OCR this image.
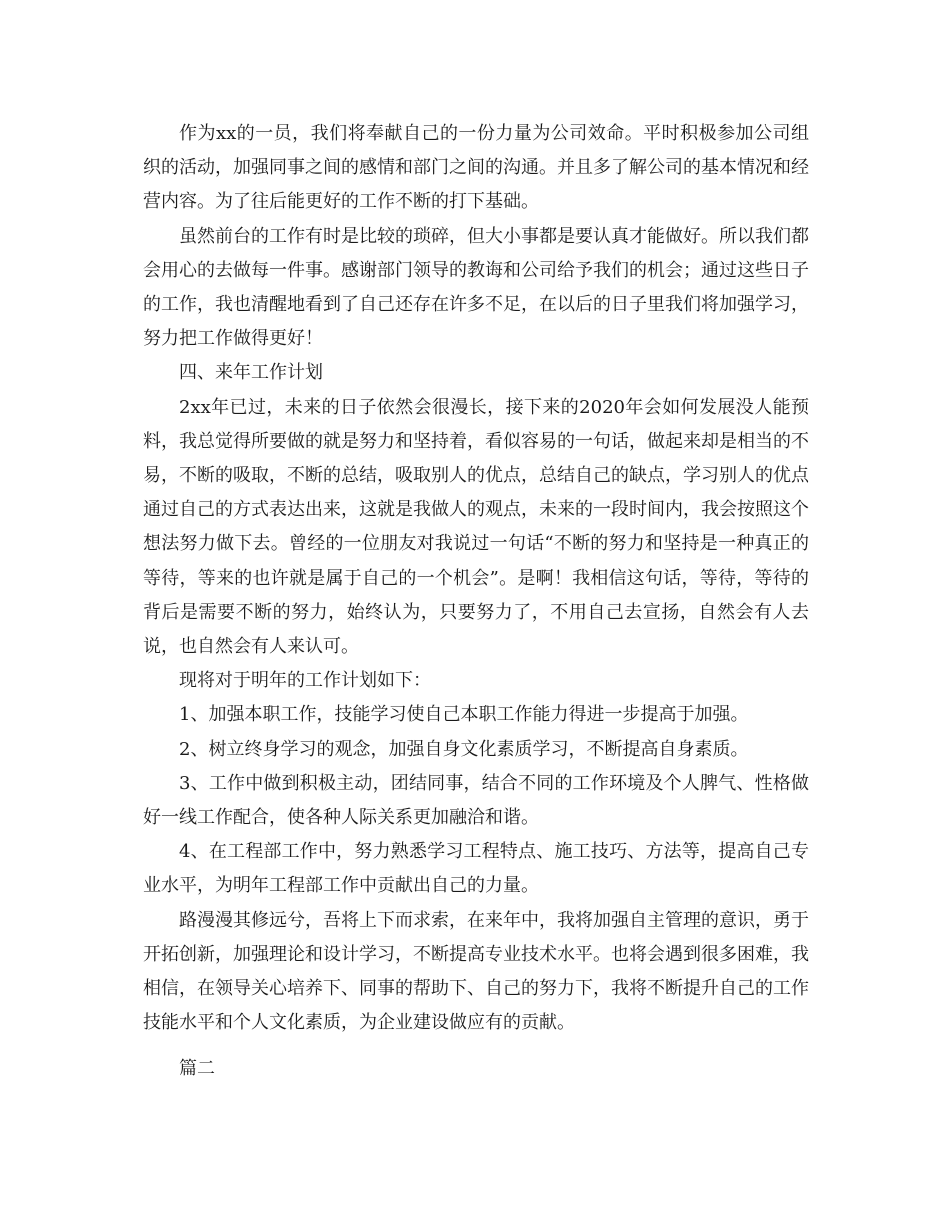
作为xx的一员，我们将奉献自己的一份力量为公司效命。平时积极参加公司组织的活动，加强同事之间的感情和部门之间的沟通。并且多了解公司的基本情况和经营内容。为了往后能更好的工作不断的打下基础。

虽然前台的工作有时是比较的琐碎，但大小事都是要认真才能做好。所以我们都会用心的去做每一件事。感谢部门领导的教诲和公司给予我们的机会；通过这些日子的工作，我也清醒地看到了自己还存在许多不足，在以后的日子里我们将加强学习，努力把工作做得更好！

四、来年工作计划

2xx年已过，未来的日子依然会很漫长，接下来的2020年会如何发展没人能预料，我总觉得所要做的就是努力和坚持着，看似容易的一句话，做起来却是相当的不易，不断的吸取，不断的总结，吸取别人的优点，总结自己的缺点，学习别人的优点通过自己的方式表达出来，这就是我做人的观点，未来的一段时间内，我会按照这个想法努力做下去。曾经的一位朋友对我说过一句话“不断的努力和坚持是一种真正的等待，等来的也许就是属于自己的一个机会”。是啊！我相信这句话，等待，等待的背后是需要不断的努力，始终认为，只要努力了，不用自己去宣扬，自然会有人去说，也自然会有人来认可。

现将对于明年的工作计划如下：

1、加强本职工作，技能学习使自己本职工作能力得进一步提高于加强。

2、树立终身学习的观念，加强自身文化素质学习，不断提高自身素质。

3、工作中做到积极主动，团结同事，结合不同的工作环境及个人脾气、性格做好一线工作配合，使各种人际关系更加融洽和谐。

4、在工程部工作中，努力熟悉学习工程特点、施工技巧、方法等，提高自己专业水平，为明年工程部工作中贡献出自己的力量。

路漫漫其修远兮，吾将上下而求索，在来年中，我将加强自主管理的意识，勇于开拓创新，加强理论和设计学习，不断提高专业技术水平。也将会遇到很多困难，我相信，在领导关心培养下、同事的帮助下、自己的努力下，我将不断提升自己的工作技能水平和个人文化素质，为企业建设做应有的贡献。

篇二
